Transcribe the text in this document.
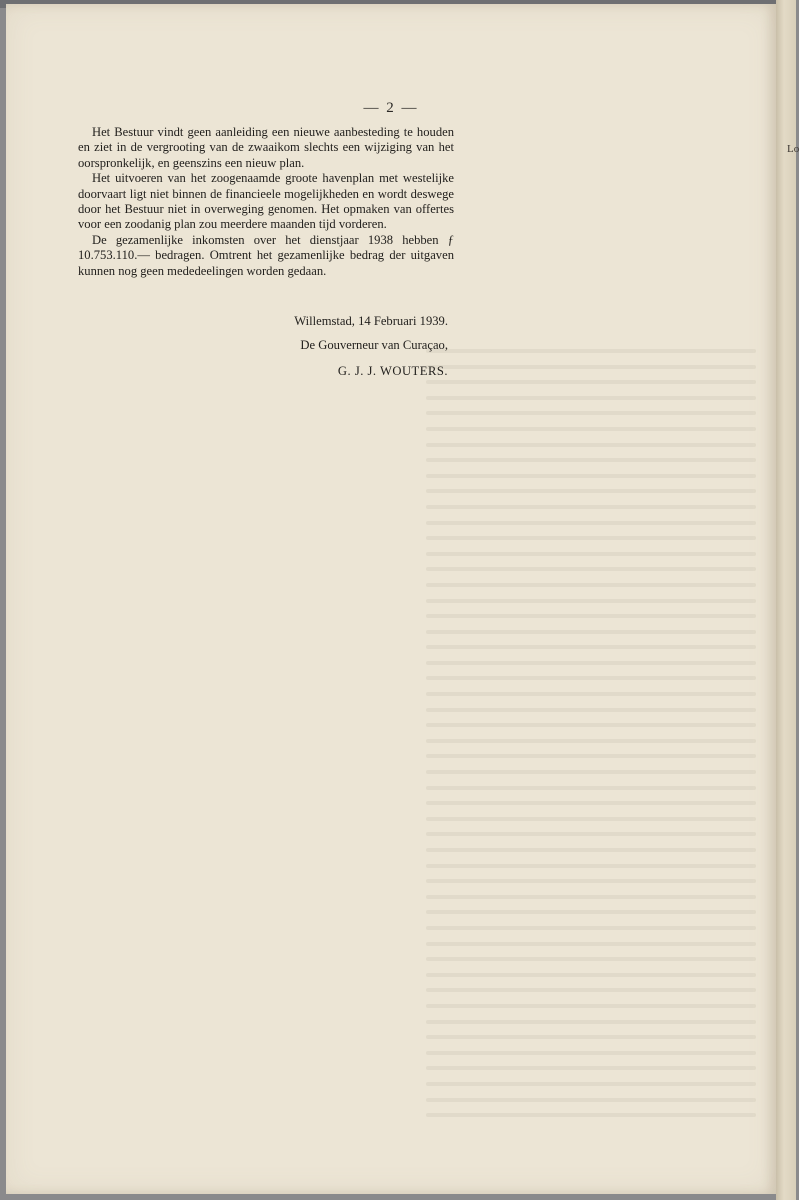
— 2 —

Het Bestuur vindt geen aanleiding een nieuwe aanbesteding te houden en ziet in de vergrooting van de zwaaikom slechts een wijziging van het oorspronkelijk, en geenszins een nieuw plan.

Het uitvoeren van het zoogenaamde groote havenplan met westelijke doorvaart ligt niet binnen de financieele mogelijkheden en wordt deswege door het Bestuur niet in overweging genomen. Het opmaken van offertes voor een zoodanig plan zou meerdere maanden tijd vorderen.

De gezamenlijke inkomsten over het dienstjaar 1938 hebben ƒ 10.753.110.— bedragen. Omtrent het gezamenlijke bedrag der uitgaven kunnen nog geen mededeelingen worden gedaan.

Willemstad, 14 Februari 1939.
De Gouverneur van Curaçao,
G. J. J. WOUTERS.
Lo
